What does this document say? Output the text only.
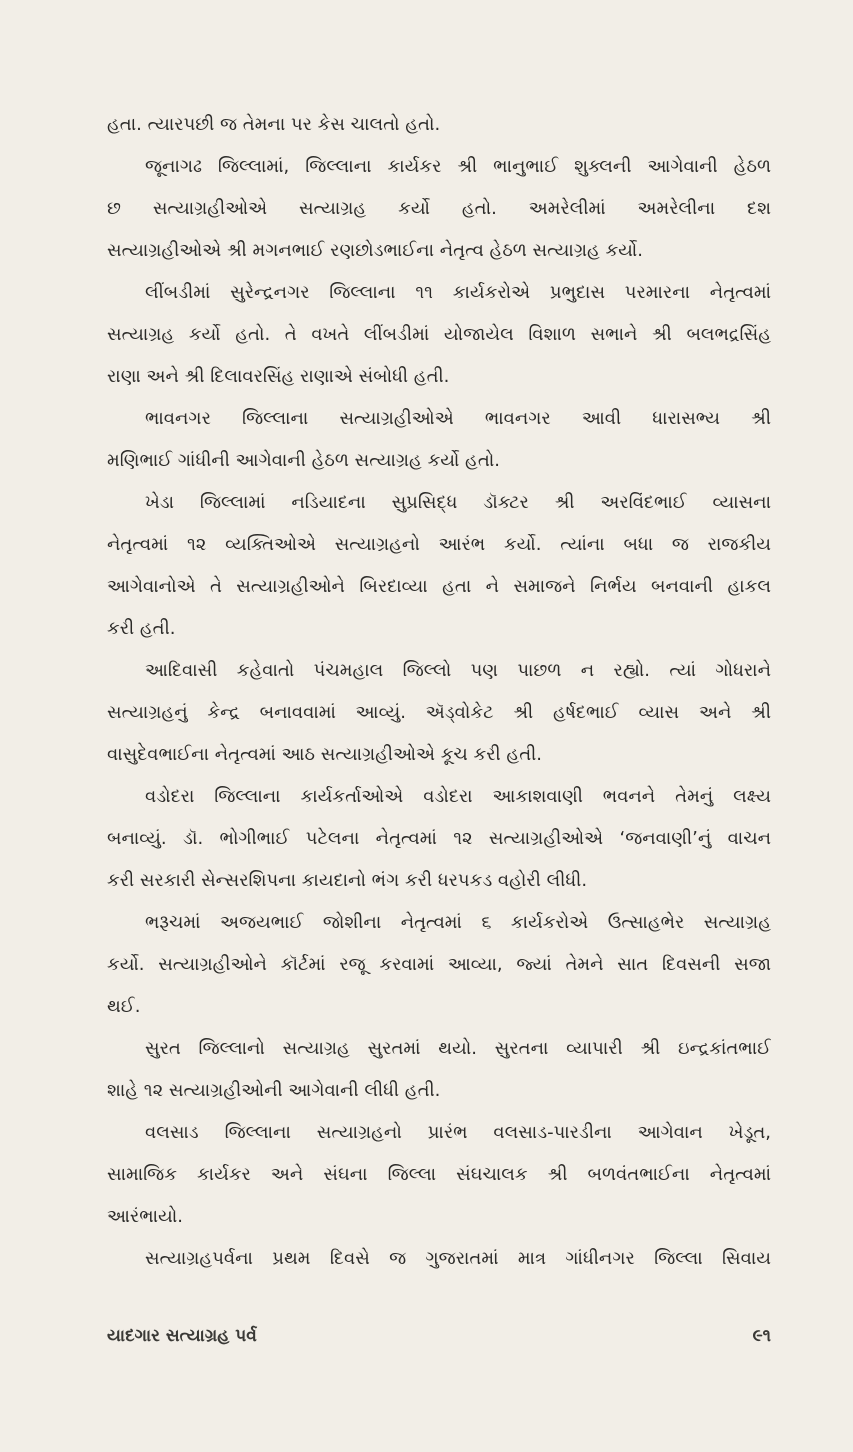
હતા. ત્યારપછી જ તેમના પર કેસ ચાલતો હતો.
જૂનાગઢ જિલ્લામાં, જિલ્લાના કાર્યકર શ્રી ભાનુભાઈ શુક્લની આગેવાની હેઠળ
છ સત્યાગ્રહીઓએ સત્યાગ્રહ કર્યો હતો. અમરેલીમાં અમરેલીના દશ
સત્યાગ્રહીઓએ શ્રી મગનભાઈ રણછોડભાઈના નેતૃત્વ હેઠળ સત્યાગ્રહ કર્યો.
લીંબડીમાં સુરેન્દ્રનગર જિલ્લાના ૧૧ કાર્યકરોએ પ્રભુદાસ પરમારના નેતૃત્વમાં
સત્યાગ્રહ કર્યો હતો. તે વખતે લીંબડીમાં યોજાયેલ વિશાળ સભાને શ્રી બલભદ્રસિંહ
રાણા અને શ્રી દિલાવરસિંહ રાણાએ સંબોધી હતી.
ભાવનગર જિલ્લાના સત્યાગ્રહીઓએ ભાવનગર આવી ધારાસભ્ય શ્રી
મણિભાઈ ગાંધીની આગેવાની હેઠળ સત્યાગ્રહ કર્યો હતો.
ખેડા જિલ્લામાં નડિયાદના સુપ્રસિદ્ધ ડૉક્ટર શ્રી અરવિંદભાઈ વ્યાસના
નેતૃત્વમાં ૧૨ વ્યક્તિઓએ સત્યાગ્રહનો આરંભ કર્યો. ત્યાંના બધા જ રાજકીય
આગેવાનોએ તે સત્યાગ્રહીઓને બિરદાવ્યા હતા ને સમાજને નિર્ભય બનવાની હાકલ
કરી હતી.
આદિવાસી કહેવાતો પંચમહાલ જિલ્લો પણ પાછળ ન રહ્યો. ત્યાં ગોધરાને
સત્યાગ્રહનું કેન્દ્ર બનાવવામાં આવ્યું. ઍડ્વોકેટ શ્રી હર્ષદભાઈ વ્યાસ અને શ્રી
વાસુદેવભાઈના નેતૃત્વમાં આઠ સત્યાગ્રહીઓએ કૂચ કરી હતી.
વડોદરા જિલ્લાના કાર્યકર્તાઓએ વડોદરા આકાશવાણી ભવનને તેમનું લક્ષ્ય
બનાવ્યું. ડૉ. ભોગીભાઈ પટેલના નેતૃત્વમાં ૧૨ સત્યાગ્રહીઓએ ‘જનવાણી’નું વાચન
કરી સરકારી સેન્સરશિપના કાયદાનો ભંગ કરી ધરપકડ વહોરી લીધી.
ભરૂચમાં અજયભાઈ જોશીના નેતૃત્વમાં ૬ કાર્યકરોએ ઉત્સાહભેર સત્યાગ્રહ
કર્યો. સત્યાગ્રહીઓને કૉર્ટમાં રજૂ કરવામાં આવ્યા, જ્યાં તેમને સાત દિવસની સજા
થઈ.
સુરત જિલ્લાનો સત્યાગ્રહ સુરતમાં થયો. સુરતના વ્યાપારી શ્રી ઇન્દ્રકાંતભાઈ
શાહે ૧૨ સત્યાગ્રહીઓની આગેવાની લીધી હતી.
વલસાડ જિલ્લાના સત્યાગ્રહનો પ્રારંભ વલસાડ-પારડીના આગેવાન ખેડૂત,
સામાજિક કાર્યકર અને સંઘના જિલ્લા સંઘચાલક શ્રી બળવંતભાઈના નેતૃત્વમાં
આરંભાયો.
સત્યાગ્રહપર્વના પ્રથમ દિવસે જ ગુજરાતમાં માત્ર ગાંધીનગર જિલ્લા સિવાય
યાદગાર સત્યાગ્રહ પર્વ	૯૧
